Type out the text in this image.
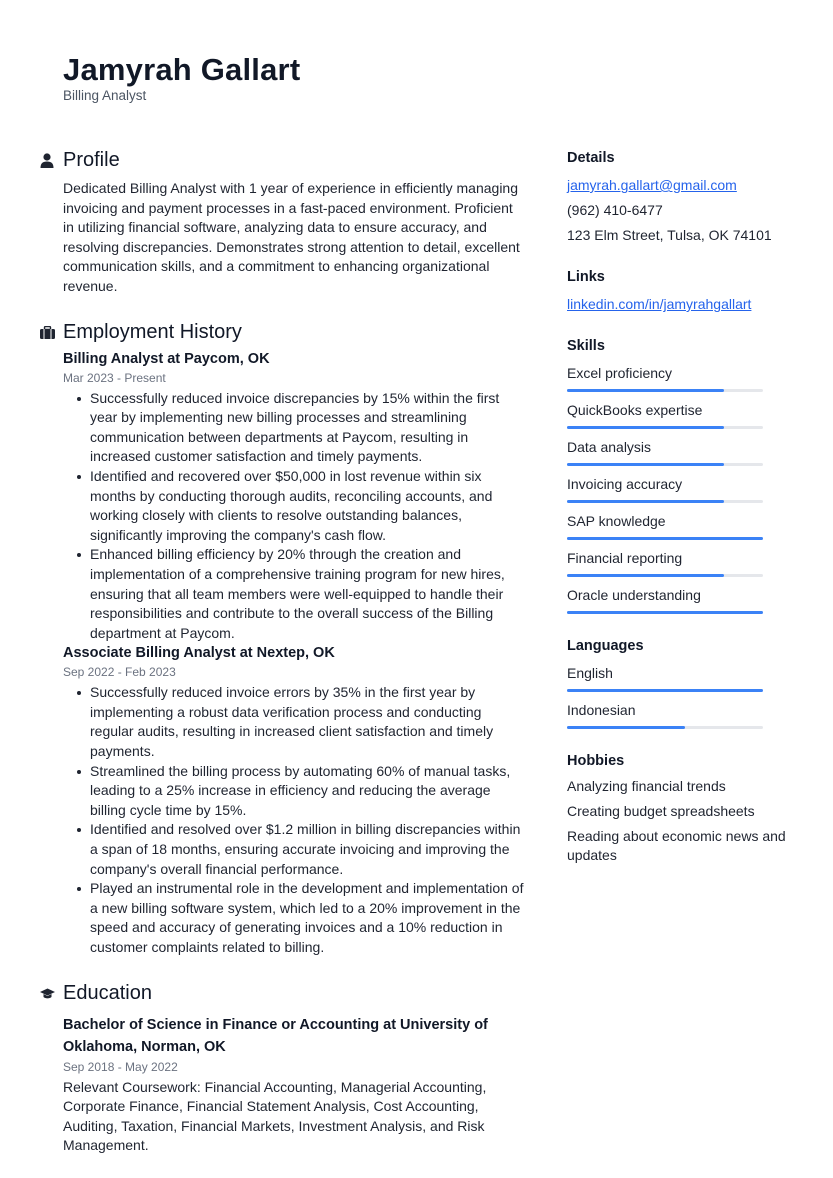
Jamyrah Gallart
Billing Analyst
Profile

Dedicated Billing Analyst with 1 year of experience in efficiently managing invoicing and payment processes in a fast-paced environment. Proficient in utilizing financial software, analyzing data to ensure accuracy, and resolving discrepancies. Demonstrates strong attention to detail, excellent communication skills, and a commitment to enhancing organizational revenue.

Employment History
Billing Analyst at Paycom, OK
Mar 2023 - Present
Successfully reduced invoice discrepancies by 15% within the first year by implementing new billing processes and streamlining communication between departments at Paycom, resulting in increased customer satisfaction and timely payments.
Identified and recovered over $50,000 in lost revenue within six months by conducting thorough audits, reconciling accounts, and working closely with clients to resolve outstanding balances, significantly improving the company's cash flow.
Enhanced billing efficiency by 20% through the creation and implementation of a comprehensive training program for new hires, ensuring that all team members were well-equipped to handle their responsibilities and contribute to the overall success of the Billing department at Paycom.
Associate Billing Analyst at Nextep, OK
Sep 2022 - Feb 2023
Successfully reduced invoice errors by 35% in the first year by implementing a robust data verification process and conducting regular audits, resulting in increased client satisfaction and timely payments.
Streamlined the billing process by automating 60% of manual tasks, leading to a 25% increase in efficiency and reducing the average billing cycle time by 15%.
Identified and resolved over $1.2 million in billing discrepancies within a span of 18 months, ensuring accurate invoicing and improving the company's overall financial performance.
Played an instrumental role in the development and implementation of a new billing software system, which led to a 20% improvement in the speed and accuracy of generating invoices and a 10% reduction in customer complaints related to billing.
Education
Bachelor of Science in Finance or Accounting at University of Oklahoma, Norman, OK
Sep 2018 - May 2022

Relevant Coursework: Financial Accounting, Managerial Accounting, Corporate Finance, Financial Statement Analysis, Cost Accounting, Auditing, Taxation, Financial Markets, Investment Analysis, and Risk Management.

Details
jamyrah.gallart@gmail.com
(962) 410-6477
123 Elm Street, Tulsa, OK 74101
Links
linkedin.com/in/jamyrahgallart
Skills
Excel proficiency
QuickBooks expertise
Data analysis
Invoicing accuracy
SAP knowledge
Financial reporting
Oracle understanding
Languages
English
Indonesian
Hobbies
Analyzing financial trends
Creating budget spreadsheets
Reading about economic news and updates
